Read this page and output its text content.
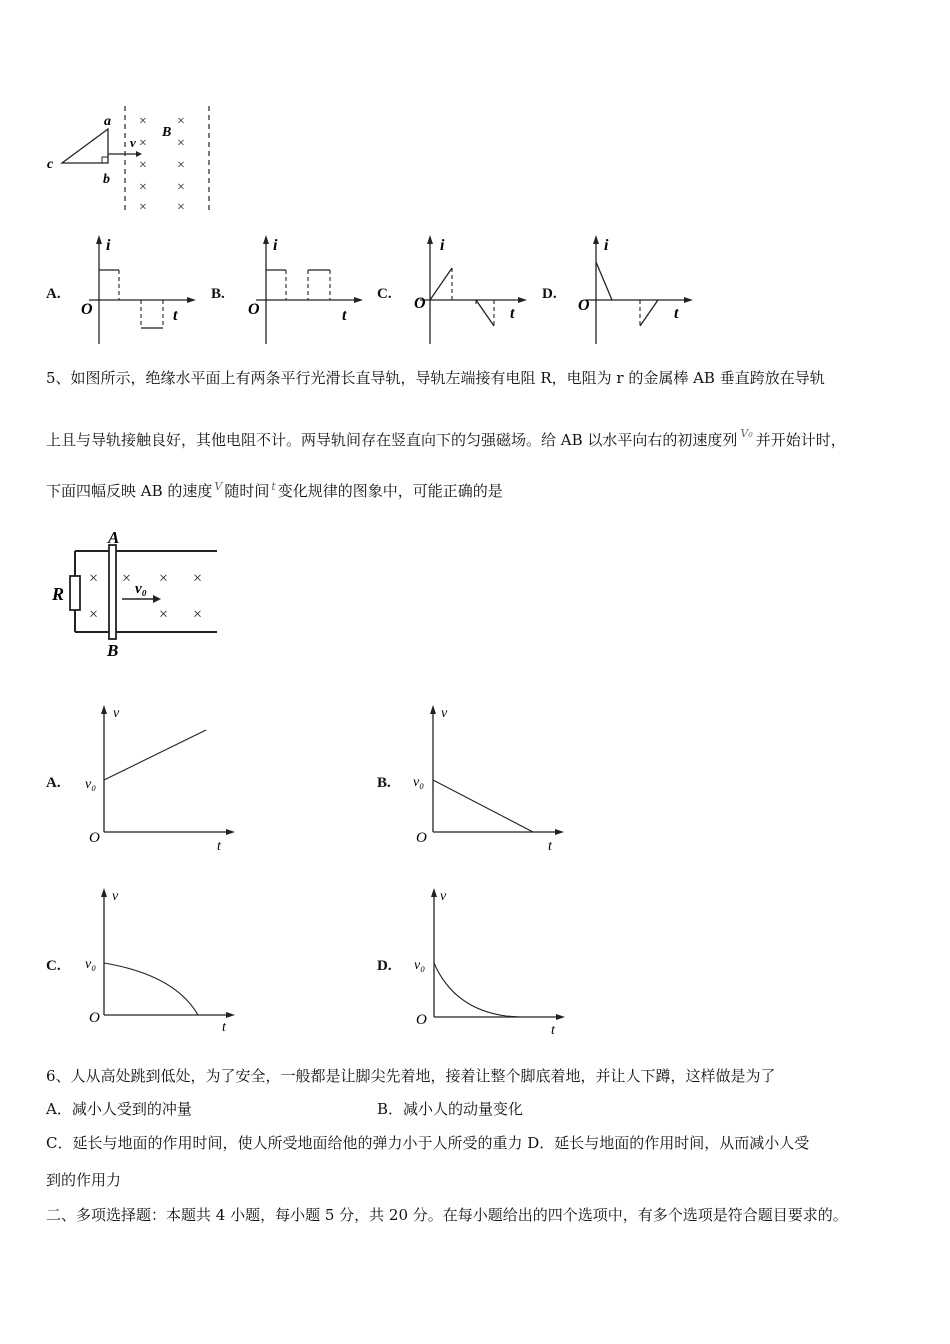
a
b
c
v
B
× ×
× ×
× ×
× ×
× ×
A.
i
t
O
B.
i
t
O
C.
i
t
O
D.
i
t
O
5、如图所示，绝缘水平面上有两条平行光滑长直导轨，导轨左端接有电阻 R，电阻为 r 的金属棒 AB 垂直跨放在导轨
上且与导轨接触良好，其他电阻不计。两导轨间存在竖直向下的匀强磁场。给 AB 以水平向右的初速度列 $^{V_0}$ 并开始计时，
下面四幅反映 AB 的速度 $^V$ 随时间 $^t$ 变化规律的图象中，可能正确的是
R
A
B
v₀
× × × ×
×	× ×
A.
v
t
O
v₀	B.
v
t
O
v₀
C.
v
t
O
v₀	D.
v
t
O
v₀
6、人从高处跳到低处，为了安全，一般都是让脚尖先着地，接着让整个脚底着地，并让人下蹲，这样做是为了
A．减小人受到的冲量	B．减小人的动量变化
C．延长与地面的作用时间，使人所受地面给他的弹力小于人所受的重力 D．延长与地面的作用时间，从而减小人受
到的作用力
二、多项选择题：本题共 4 小题，每小题 5 分，共 20 分。在每小题给出的四个选项中，有多个选项是符合题目要求的。
